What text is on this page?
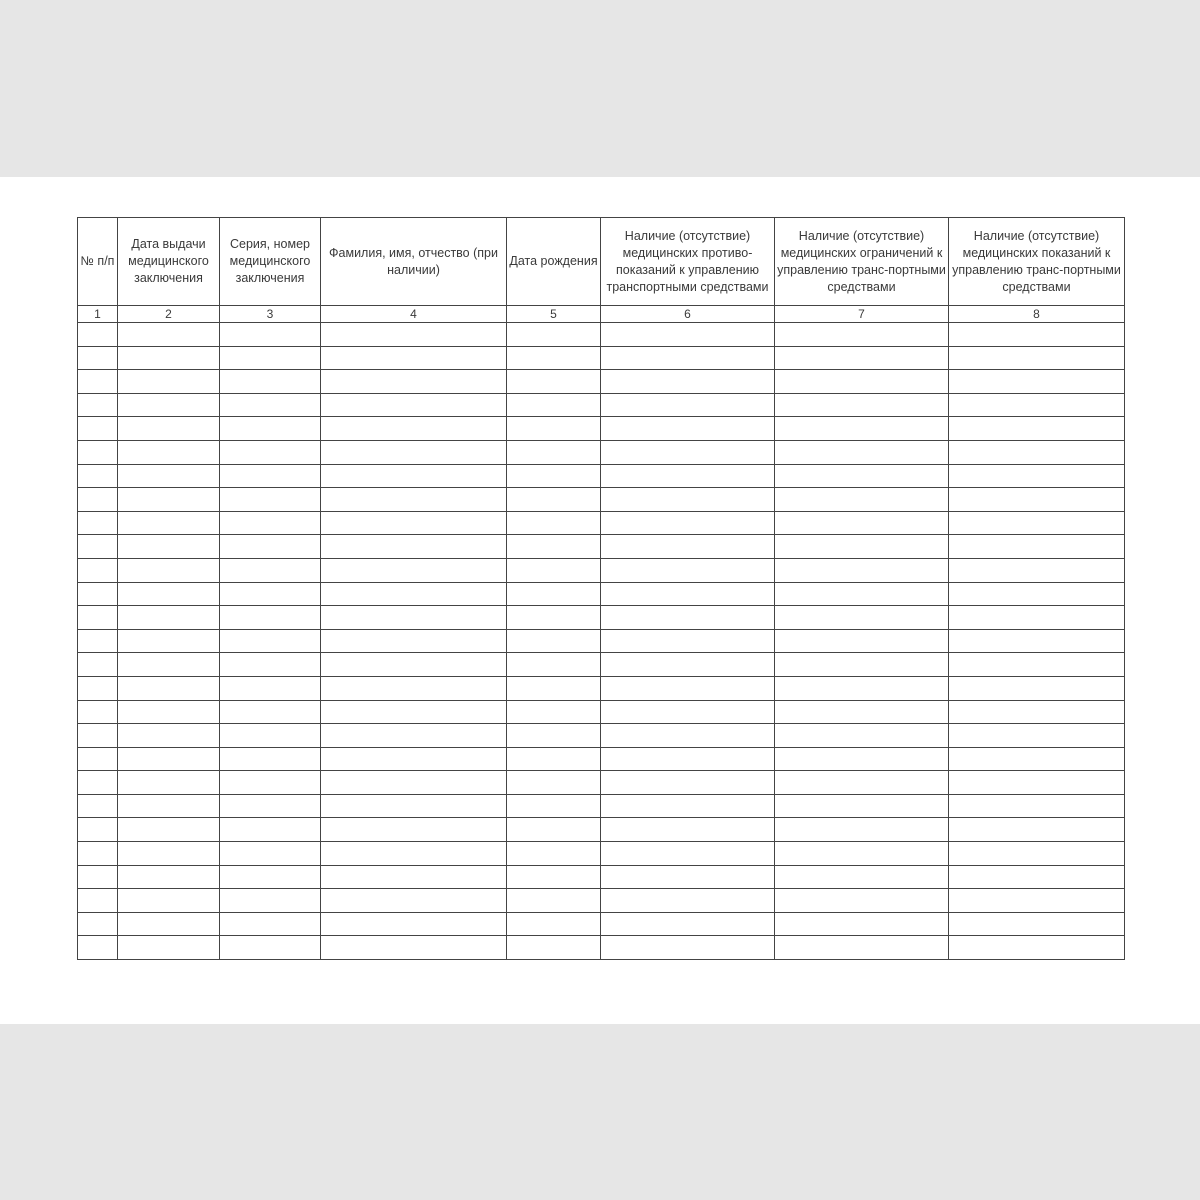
№ п/п	Дата выдачи медицинского заключения	Серия, номер медицинского заключения	Фамилия, имя, отчество (при наличии)	Дата рождения	Наличие (отсутствие) медицинских противо-показаний к управлению транспортными средствами	Наличие (отсутствие) медицинских ограничений к управлению транс-портными средствами	Наличие (отсутствие) медицинских показаний к управлению транс-портными средствами
1	2	3	4	5	6	7	8
